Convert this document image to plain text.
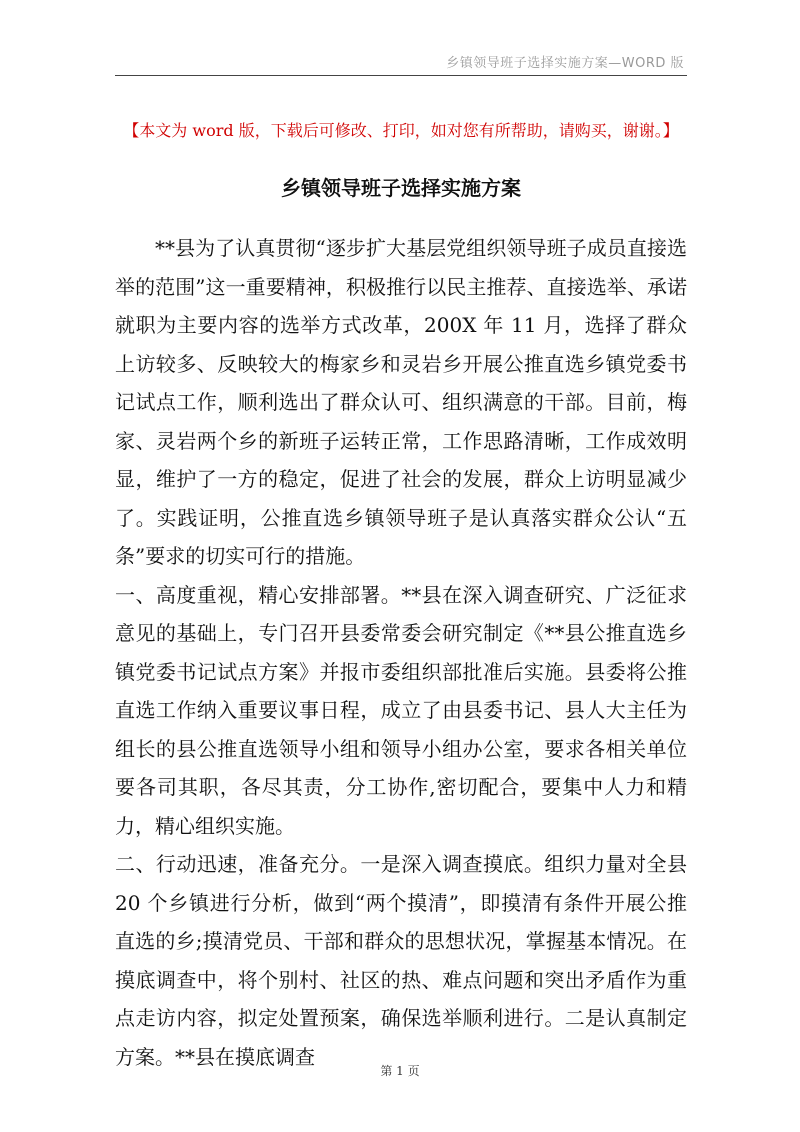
乡镇领导班子选择实施方案—WORD 版
【本文为 word 版，下载后可修改、打印，如对您有所帮助，请购买，谢谢。】
乡镇领导班子选择实施方案

**县为了认真贯彻“逐步扩大基层党组织领导班子成员直接选举的范围”这一重要精神，积极推行以民主推荐、直接选举、承诺就职为主要内容的选举方式改革，200X 年 11 月，选择了群众上访较多、反映较大的梅家乡和灵岩乡开展公推直选乡镇党委书记试点工作，顺利选出了群众认可、组织满意的干部。目前，梅家、灵岩两个乡的新班子运转正常，工作思路清晰，工作成效明显，维护了一方的稳定，促进了社会的发展，群众上访明显减少了。实践证明，公推直选乡镇领导班子是认真落实群众公认“五条”要求的切实可行的措施。

一、高度重视，精心安排部署。**县在深入调查研究、广泛征求意见的基础上，专门召开县委常委会研究制定《**县公推直选乡镇党委书记试点方案》并报市委组织部批准后实施。县委将公推直选工作纳入重要议事日程，成立了由县委书记、县人大主任为组长的县公推直选领导小组和领导小组办公室，要求各相关单位要各司其职，各尽其责，分工协作,密切配合，要集中人力和精力，精心组织实施。

二、行动迅速，准备充分。一是深入调查摸底。组织力量对全县 20 个乡镇进行分析，做到“两个摸清”，即摸清有条件开展公推直选的乡;摸清党员、干部和群众的思想状况，掌握基本情况。在摸底调查中，将个别村、社区的热、难点问题和突出矛盾作为重点走访内容，拟定处置预案，确保选举顺利进行。二是认真制定方案。**县在摸底调查

第 1 页
